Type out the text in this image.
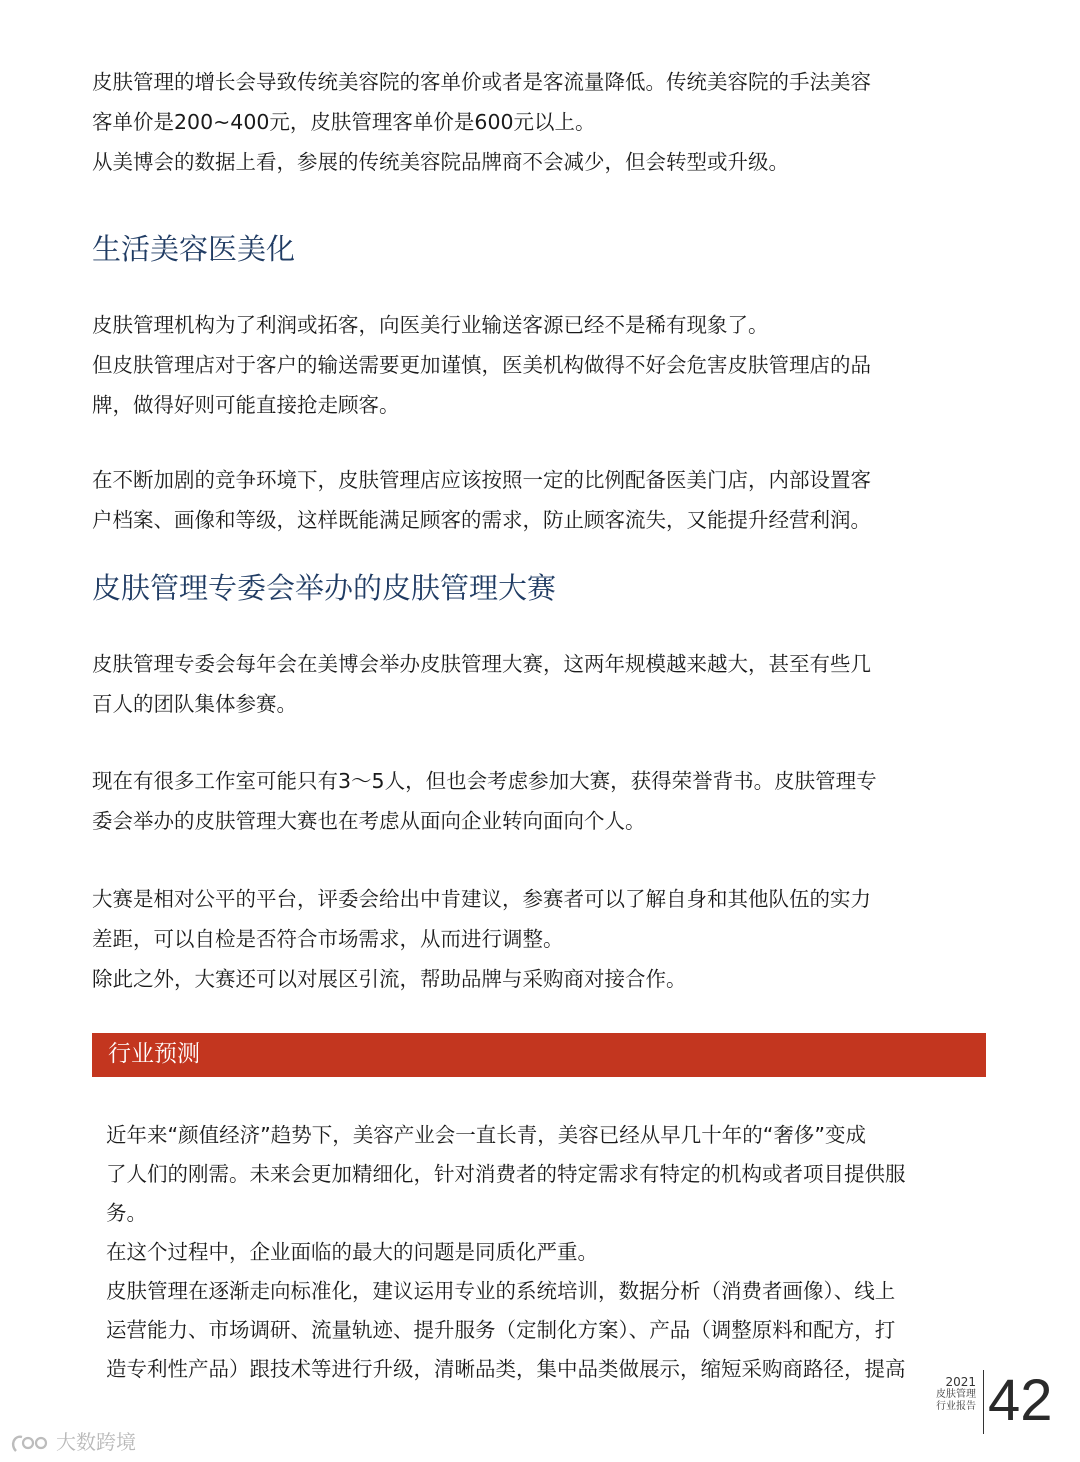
皮肤管理的增长会导致传统美容院的客单价或者是客流量降低。传统美容院的手法美容
客单价是200~400元，皮肤管理客单价是600元以上。
从美博会的数据上看，参展的传统美容院品牌商不会减少，但会转型或升级。
生活美容医美化
皮肤管理机构为了利润或拓客，向医美行业输送客源已经不是稀有现象了。
但皮肤管理店对于客户的输送需要更加谨慎，医美机构做得不好会危害皮肤管理店的品
牌，做得好则可能直接抢走顾客。
在不断加剧的竞争环境下，皮肤管理店应该按照一定的比例配备医美门店，内部设置客
户档案、画像和等级，这样既能满足顾客的需求，防止顾客流失，又能提升经营利润。
皮肤管理专委会举办的皮肤管理大赛
皮肤管理专委会每年会在美博会举办皮肤管理大赛，这两年规模越来越大，甚至有些几
百人的团队集体参赛。
现在有很多工作室可能只有3～5人，但也会考虑参加大赛，获得荣誉背书。皮肤管理专
委会举办的皮肤管理大赛也在考虑从面向企业转向面向个人。
大赛是相对公平的平台，评委会给出中肯建议，参赛者可以了解自身和其他队伍的实力
差距，可以自检是否符合市场需求，从而进行调整。
除此之外，大赛还可以对展区引流，帮助品牌与采购商对接合作。
行业预测
近年来“颜值经济”趋势下，美容产业会一直长青，美容已经从早几十年的“奢侈”变成
了人们的刚需。未来会更加精细化，针对消费者的特定需求有特定的机构或者项目提供服
务。
在这个过程中，企业面临的最大的问题是同质化严重。
皮肤管理在逐渐走向标准化，建议运用专业的系统培训，数据分析（消费者画像）、线上
运营能力、市场调研、流量轨迹、提升服务（定制化方案）、产品（调整原料和配方，打
造专利性产品）跟技术等进行升级，清晰品类，集中品类做展示，缩短采购商路径，提高
2021
皮肤管理
行业报告 42
大数跨境
